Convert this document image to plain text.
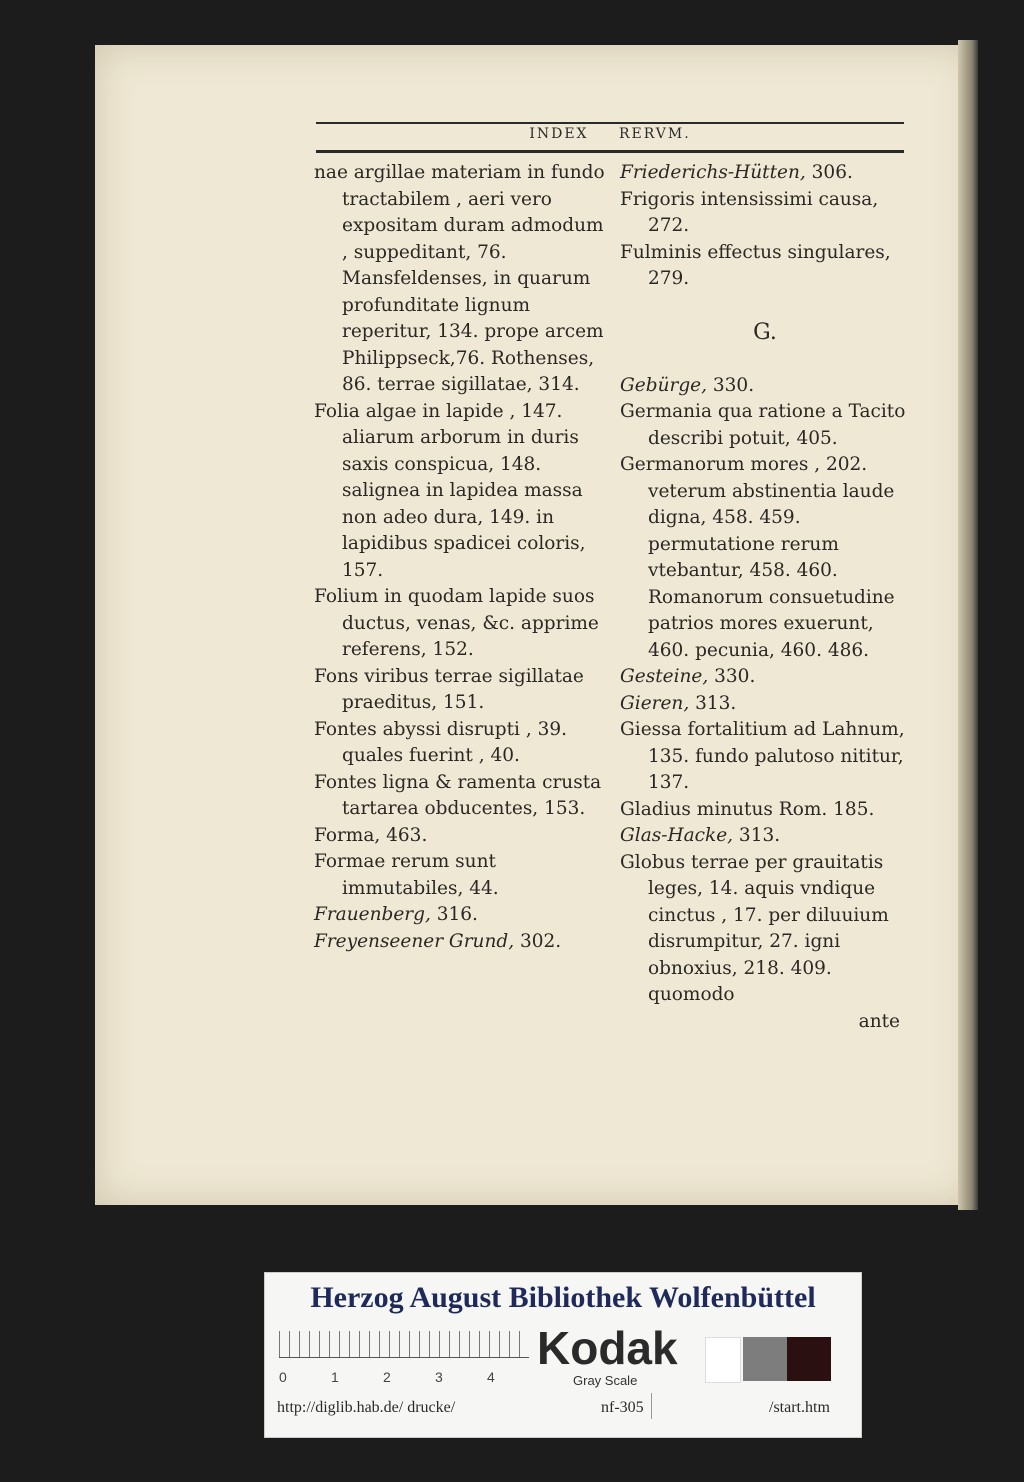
INDEX RERVM.

nae argillae materiam in fundo tractabilem , aeri vero expositam duram admodum , suppeditant, 76. Mansfeldenses, in quarum profunditate lignum reperitur, 134. prope arcem

Philippseck,76. Rothenses, 86. terrae sigillatae, 314.

Folia algae in lapide , 147. aliarum arborum in duris saxis conspicua, 148. salignea in lapidea massa non adeo dura, 149. in lapidibus spadicei coloris, 157.

Folium in quodam lapide suos ductus, venas, &c. apprime referens, 152.

Fons viribus terrae sigillatae praeditus, 151.

Fontes abyssi disrupti , 39. quales fuerint , 40.

Fontes ligna & ramenta crusta tartarea obducentes, 153.

Forma, 463.

Formae rerum sunt immutabiles, 44.

Frauenberg, 316.

Freyenseener Grund, 302.

Friederichs-Hütten, 306.

Frigoris intensissimi causa, 272.

Fulminis effectus singulares, 279.

G.

Gebürge, 330.

Germania qua ratione a Tacito describi potuit, 405.

Germanorum mores , 202. veterum abstinentia laude digna, 458. 459. permutatione rerum vtebantur, 458. 460. Romanorum consuetudine patrios mores exuerunt, 460. pecunia, 460. 486.

Gesteine, 330.

Gieren, 313.

Giessa fortalitium ad Lahnum, 135. fundo palutoso nititur, 137.

Gladius minutus Rom. 185.

Glas-Hacke, 313.

Globus terrae per grauitatis leges, 14. aquis vndique cinctus , 17. per diluuium disrumpitur, 27. igni obnoxius, 218. 409. quomodo

ante

Herzog August Bibliothek Wolfenbüttel
0	1	2	3	4
Kodak
Gray Scale
http://diglib.hab.de/ drucke/	nf-305	/start.htm
